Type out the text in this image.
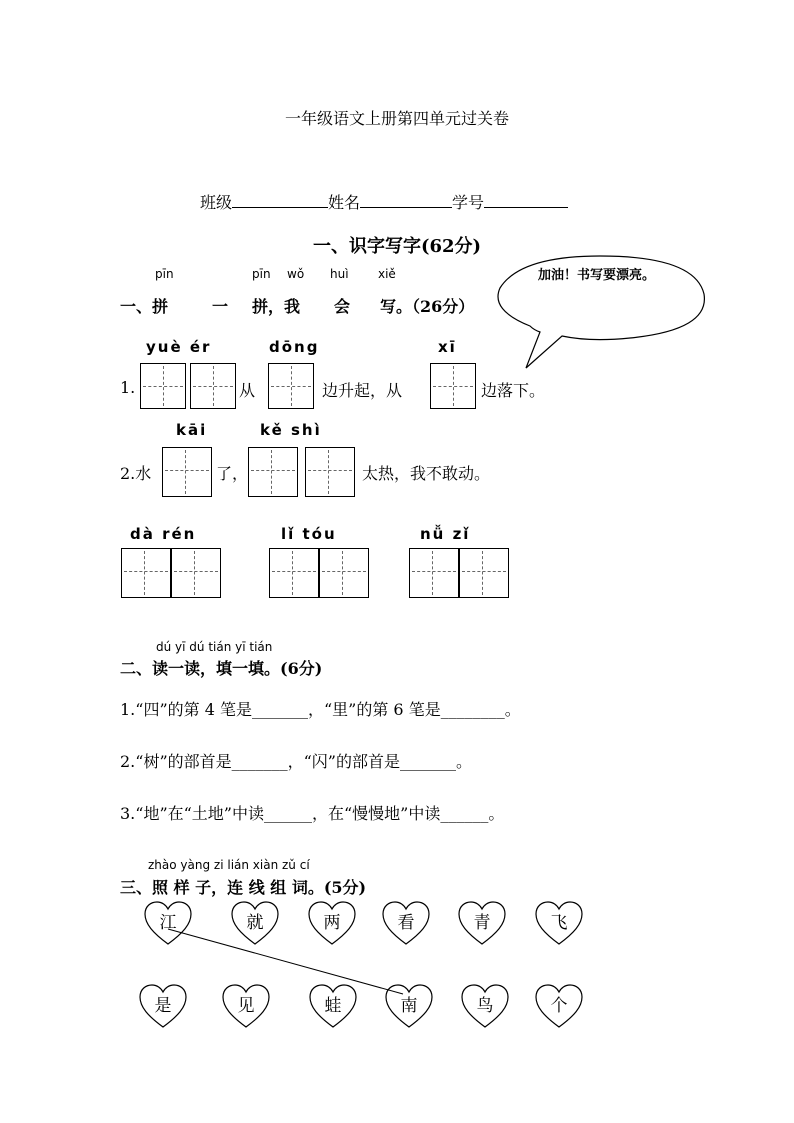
一年级语文上册第四单元过关卷
班级	姓名	学号
一、识字写字(62分)
加油！书写要漂亮。
pīn	pīn wǒ huì xiě
一、拼	一 拼，我 会 写。（26分）
yuè ér	dōng	xī
1.	从	边升起，从	边落下。
kāi	kě shì
2.水	了，	太热，我不敢动。
dà rén	lǐ tóu	nǚ zǐ
dú yī dú tián yī tián
二、读一读，填一填。(6分)
1.“四”的第 4 笔是_______，“里”的第 6 笔是________。
2.“树”的部首是_______，“闪”的部首是_______。
3.“地”在“土地”中读______，在“慢慢地”中读______。
zhào yàng zi lián xiàn zǔ cí
三、照 样 子，连 线 组 词。(5分)
江	就	两	看	青	飞
是	见	蛙	南	鸟	个
